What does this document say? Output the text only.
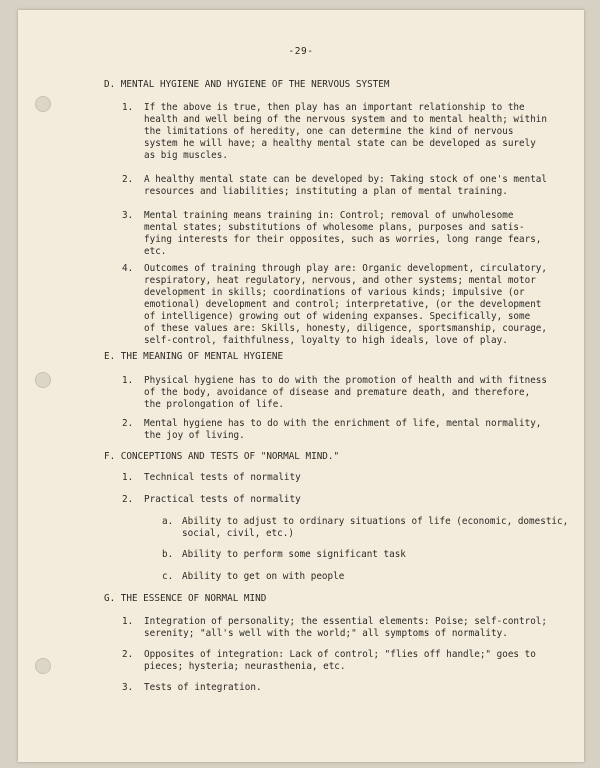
-29-
D. MENTAL HYGIENE AND HYGIENE OF THE NERVOUS SYSTEM
1. If the above is true, then play has an important relationship to the
health and well being of the nervous system and to mental health; within
the limitations of heredity, one can determine the kind of nervous
system he will have; a healthy mental state can be developed as surely
as big muscles.
2. A healthy mental state can be developed by: Taking stock of one's mental
resources and liabilities; instituting a plan of mental training.
3. Mental training means training in: Control; removal of unwholesome
mental states; substitutions of wholesome plans, purposes and satis-
fying interests for their opposites, such as worries, long range fears,
etc.
4. Outcomes of training through play are: Organic development, circulatory,
respiratory, heat regulatory, nervous, and other systems; mental motor
development in skills; coordinations of various kinds; impulsive (or
emotional) development and control; interpretative, (or the development
of intelligence) growing out of widening expanses. Specifically, some
of these values are: Skills, honesty, diligence, sportsmanship, courage,
self-control, faithfulness, loyalty to high ideals, love of play.
E. THE MEANING OF MENTAL HYGIENE
1. Physical hygiene has to do with the promotion of health and with fitness
of the body, avoidance of disease and premature death, and therefore,
the prolongation of life.
2. Mental hygiene has to do with the enrichment of life, mental normality,
the joy of living.
F. CONCEPTIONS AND TESTS OF "NORMAL MIND."
1. Technical tests of normality
2. Practical tests of normality
a. Ability to adjust to ordinary situations of life (economic, domestic,
social, civil, etc.)
b. Ability to perform some significant task
c. Ability to get on with people
G. THE ESSENCE OF NORMAL MIND
1. Integration of personality; the essential elements: Poise; self-control;
serenity; "all's well with the world;" all symptoms of normality.
2. Opposites of integration: Lack of control; "flies off handle;" goes to
pieces; hysteria; neurasthenia, etc.
3. Tests of integration.
